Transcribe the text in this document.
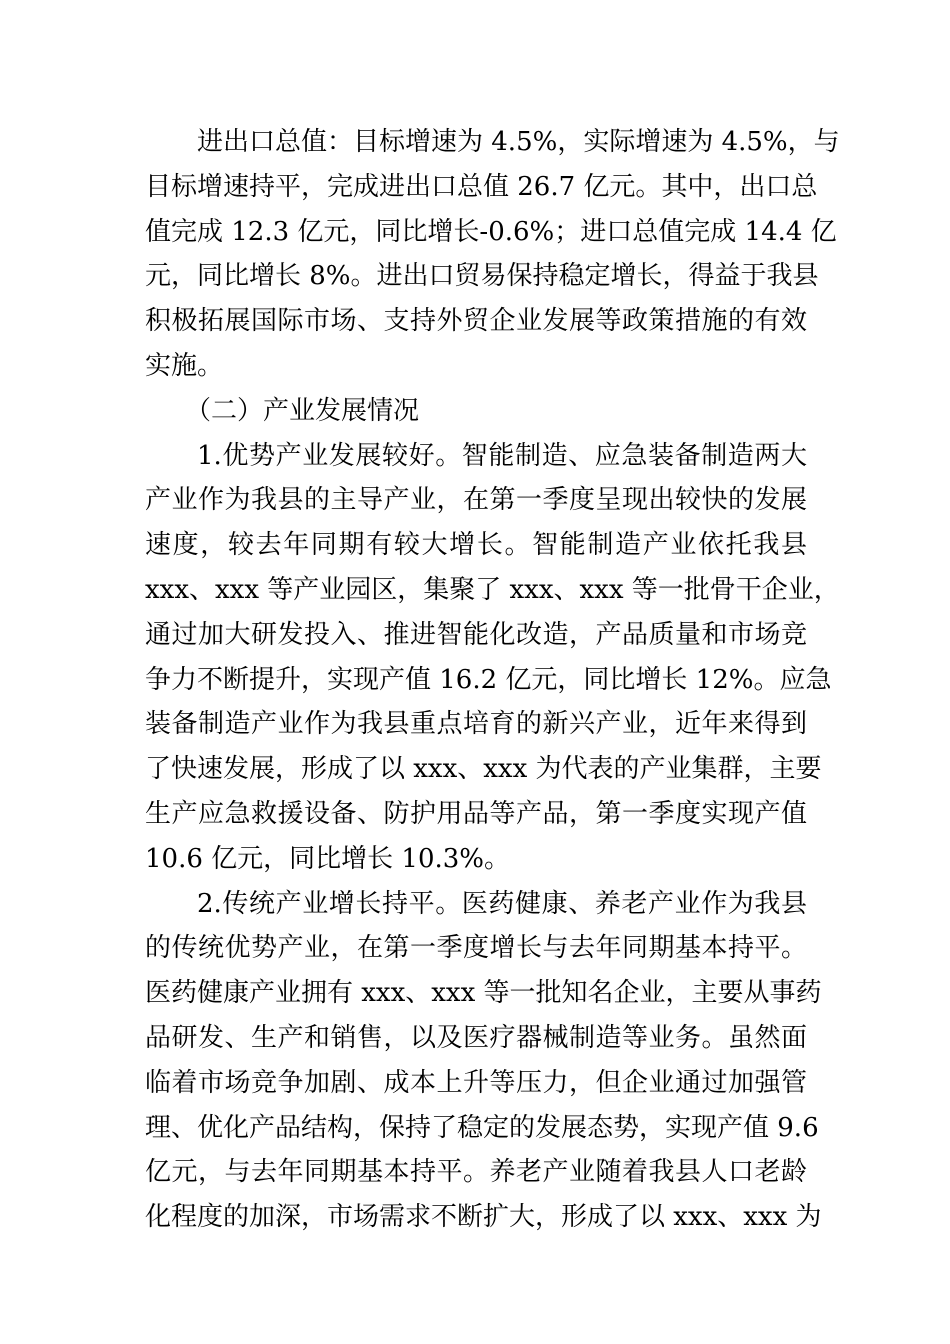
进出口总值：目标增速为 4.5%，实际增速为 4.5%，与
目标增速持平，完成进出口总值 26.7 亿元。其中，出口总
值完成 12.3 亿元，同比增长-0.6%；进口总值完成 14.4 亿
元，同比增长 8%。进出口贸易保持稳定增长，得益于我县
积极拓展国际市场、支持外贸企业发展等政策措施的有效
实施。
（二）产业发展情况
1.优势产业发展较好。智能制造、应急装备制造两大
产业作为我县的主导产业，在第一季度呈现出较快的发展
速度，较去年同期有较大增长。智能制造产业依托我县
xxx、xxx 等产业园区，集聚了 xxx、xxx 等一批骨干企业，
通过加大研发投入、推进智能化改造，产品质量和市场竞
争力不断提升，实现产值 16.2 亿元，同比增长 12%。应急
装备制造产业作为我县重点培育的新兴产业，近年来得到
了快速发展，形成了以 xxx、xxx 为代表的产业集群，主要
生产应急救援设备、防护用品等产品，第一季度实现产值
10.6 亿元，同比增长 10.3%。
2.传统产业增长持平。医药健康、养老产业作为我县
的传统优势产业，在第一季度增长与去年同期基本持平。
医药健康产业拥有 xxx、xxx 等一批知名企业，主要从事药
品研发、生产和销售，以及医疗器械制造等业务。虽然面
临着市场竞争加剧、成本上升等压力，但企业通过加强管
理、优化产品结构，保持了稳定的发展态势，实现产值 9.6
亿元，与去年同期基本持平。养老产业随着我县人口老龄
化程度的加深，市场需求不断扩大，形成了以 xxx、xxx 为
